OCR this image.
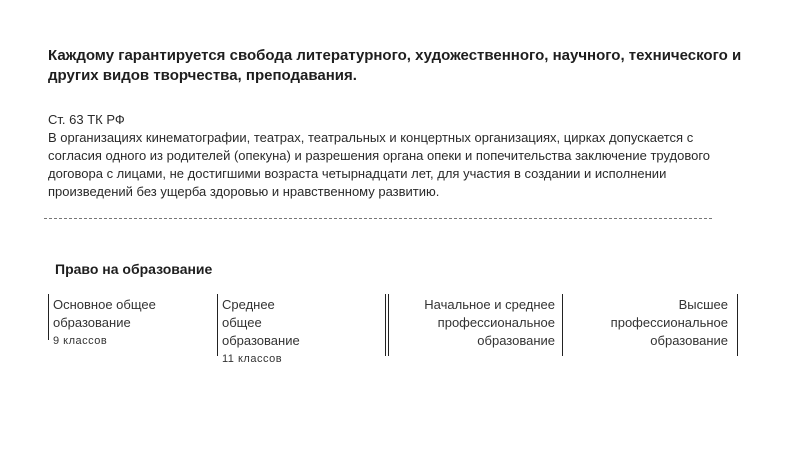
Каждому гарантируется свобода литературного, художественного, научного, технического и других видов творчества, преподавания.
Ст. 63 ТК РФ
В организациях кинематографии, театрах, театральных и концертных организациях, цирках допускается с согласия одного из родителей (опекуна) и разрешения органа опеки и попечительства заключение трудового договора с лицами, не достигшими возраста четырнадцати лет, для участия в создании и исполнении произведений без ущерба здоровью и нравственному развитию.
Право на образование
Основное общее
образование
9 классов
Среднее
общее
образование
11 классов
Начальное и среднее
профессиональное
образование
Высшее
профессиональное
образование
